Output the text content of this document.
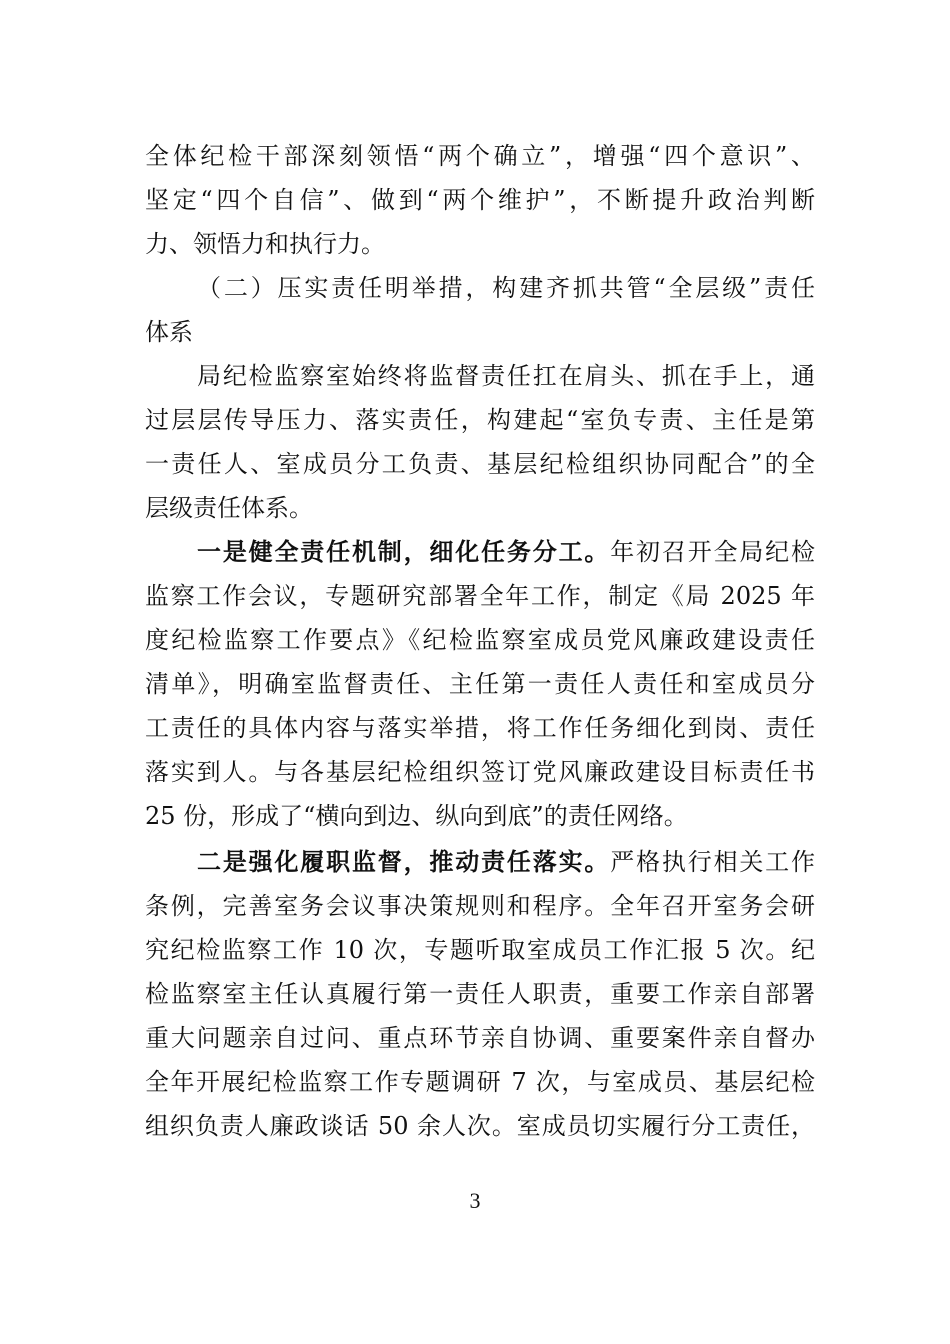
全体纪检干部深刻领悟“两个确立”，增强“四个意识”、
坚定“四个自信”、做到“两个维护”，不断提升政治判断
力、领悟力和执行力。
（二）压实责任明举措，构建齐抓共管“全层级”责任
体系
局纪检监察室始终将监督责任扛在肩头、抓在手上，通
过层层传导压力、落实责任，构建起“室负专责、主任是第
一责任人、室成员分工负责、基层纪检组织协同配合”的全
层级责任体系。
一是健全责任机制，细化任务分工。年初召开全局纪检
监察工作会议，专题研究部署全年工作，制定《局 2025 年
度纪检监察工作要点》《纪检监察室成员党风廉政建设责任
清单》，明确室监督责任、主任第一责任人责任和室成员分
工责任的具体内容与落实举措，将工作任务细化到岗、责任
落实到人。与各基层纪检组织签订党风廉政建设目标责任书
25 份，形成了“横向到边、纵向到底”的责任网络。
二是强化履职监督，推动责任落实。严格执行相关工作
条例，完善室务会议事决策规则和程序。全年召开室务会研
究纪检监察工作 10 次，专题听取室成员工作汇报 5 次。纪
检监察室主任认真履行第一责任人职责，重要工作亲自部署
重大问题亲自过问、重点环节亲自协调、重要案件亲自督办
全年开展纪检监察工作专题调研 7 次，与室成员、基层纪检
组织负责人廉政谈话 50 余人次。室成员切实履行分工责任，
3
